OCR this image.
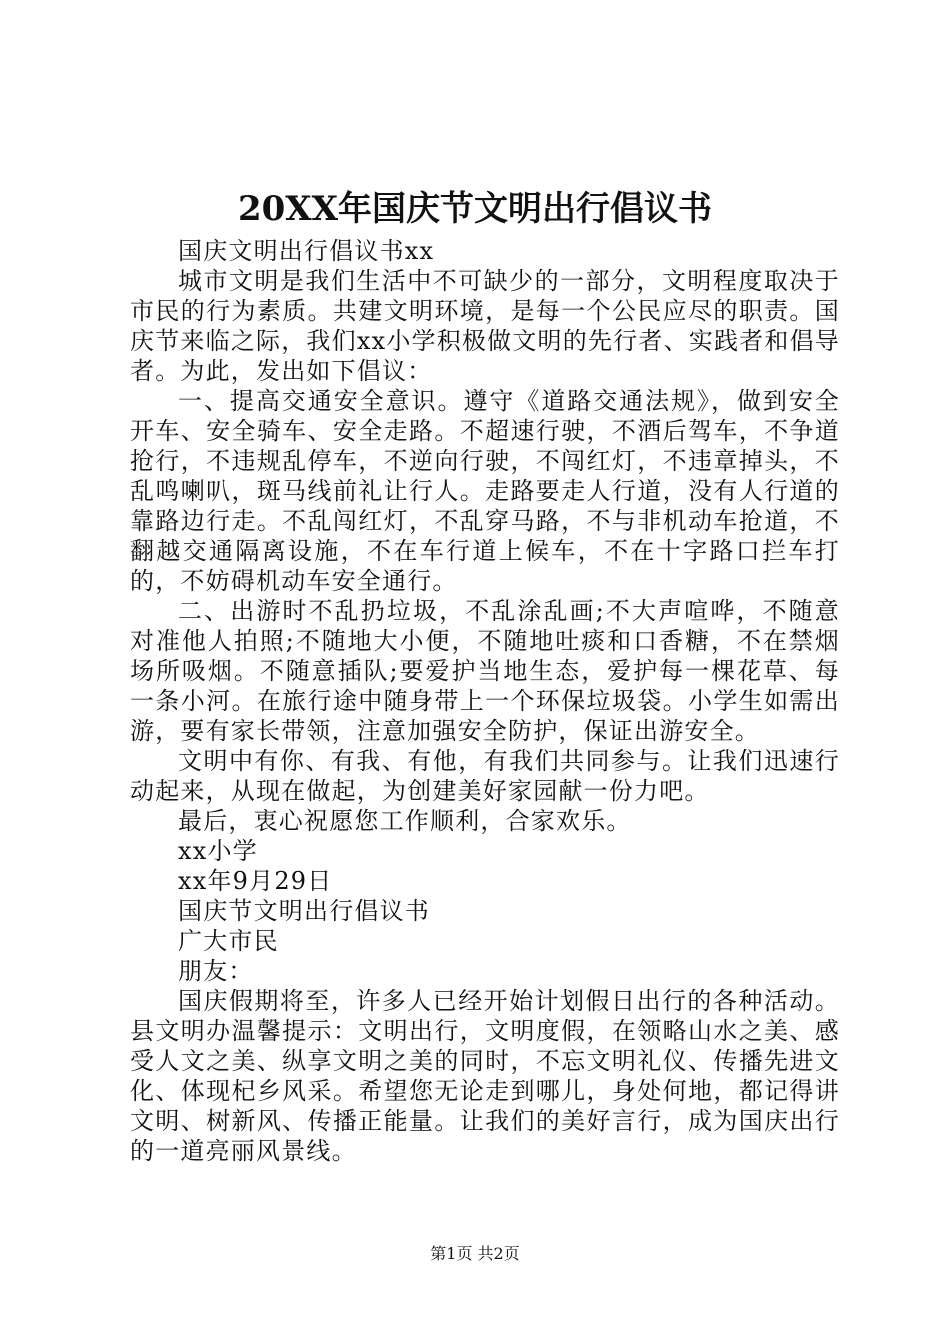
20XX年国庆节文明出行倡议书

国庆文明出行倡议书xx

城市文明是我们生活中不可缺少的一部分，文明程度取决于市民的行为素质。共建文明环境，是每一个公民应尽的职责。国庆节来临之际，我们xx小学积极做文明的先行者、实践者和倡导者。为此，发出如下倡议：

一、提高交通安全意识。遵守《道路交通法规》，做到安全开车、安全骑车、安全走路。不超速行驶，不酒后驾车，不争道抢行，不违规乱停车，不逆向行驶，不闯红灯，不违章掉头，不乱鸣喇叭，斑马线前礼让行人。走路要走人行道，没有人行道的靠路边行走。不乱闯红灯，不乱穿马路，不与非机动车抢道，不翻越交通隔离设施，不在车行道上候车，不在十字路口拦车打的，不妨碍机动车安全通行。

二、出游时不乱扔垃圾，不乱涂乱画;不大声喧哗，不随意对准他人拍照;不随地大小便，不随地吐痰和口香糖，不在禁烟场所吸烟。不随意插队;要爱护当地生态，爱护每一棵花草、每一条小河。在旅行途中随身带上一个环保垃圾袋。小学生如需出游，要有家长带领，注意加强安全防护，保证出游安全。

文明中有你、有我、有他，有我们共同参与。让我们迅速行动起来，从现在做起，为创建美好家园献一份力吧。

最后，衷心祝愿您工作顺利，合家欢乐。

xx小学

xx年9月29日

国庆节文明出行倡议书

广大市民

朋友：

国庆假期将至，许多人已经开始计划假日出行的各种活动。县文明办温馨提示：文明出行，文明度假，在领略山水之美、感受人文之美、纵享文明之美的同时，不忘文明礼仪、传播先进文化、体现杞乡风采。希望您无论走到哪儿，身处何地，都记得讲文明、树新风、传播正能量。让我们的美好言行，成为国庆出行的一道亮丽风景线。

第1页 共2页
